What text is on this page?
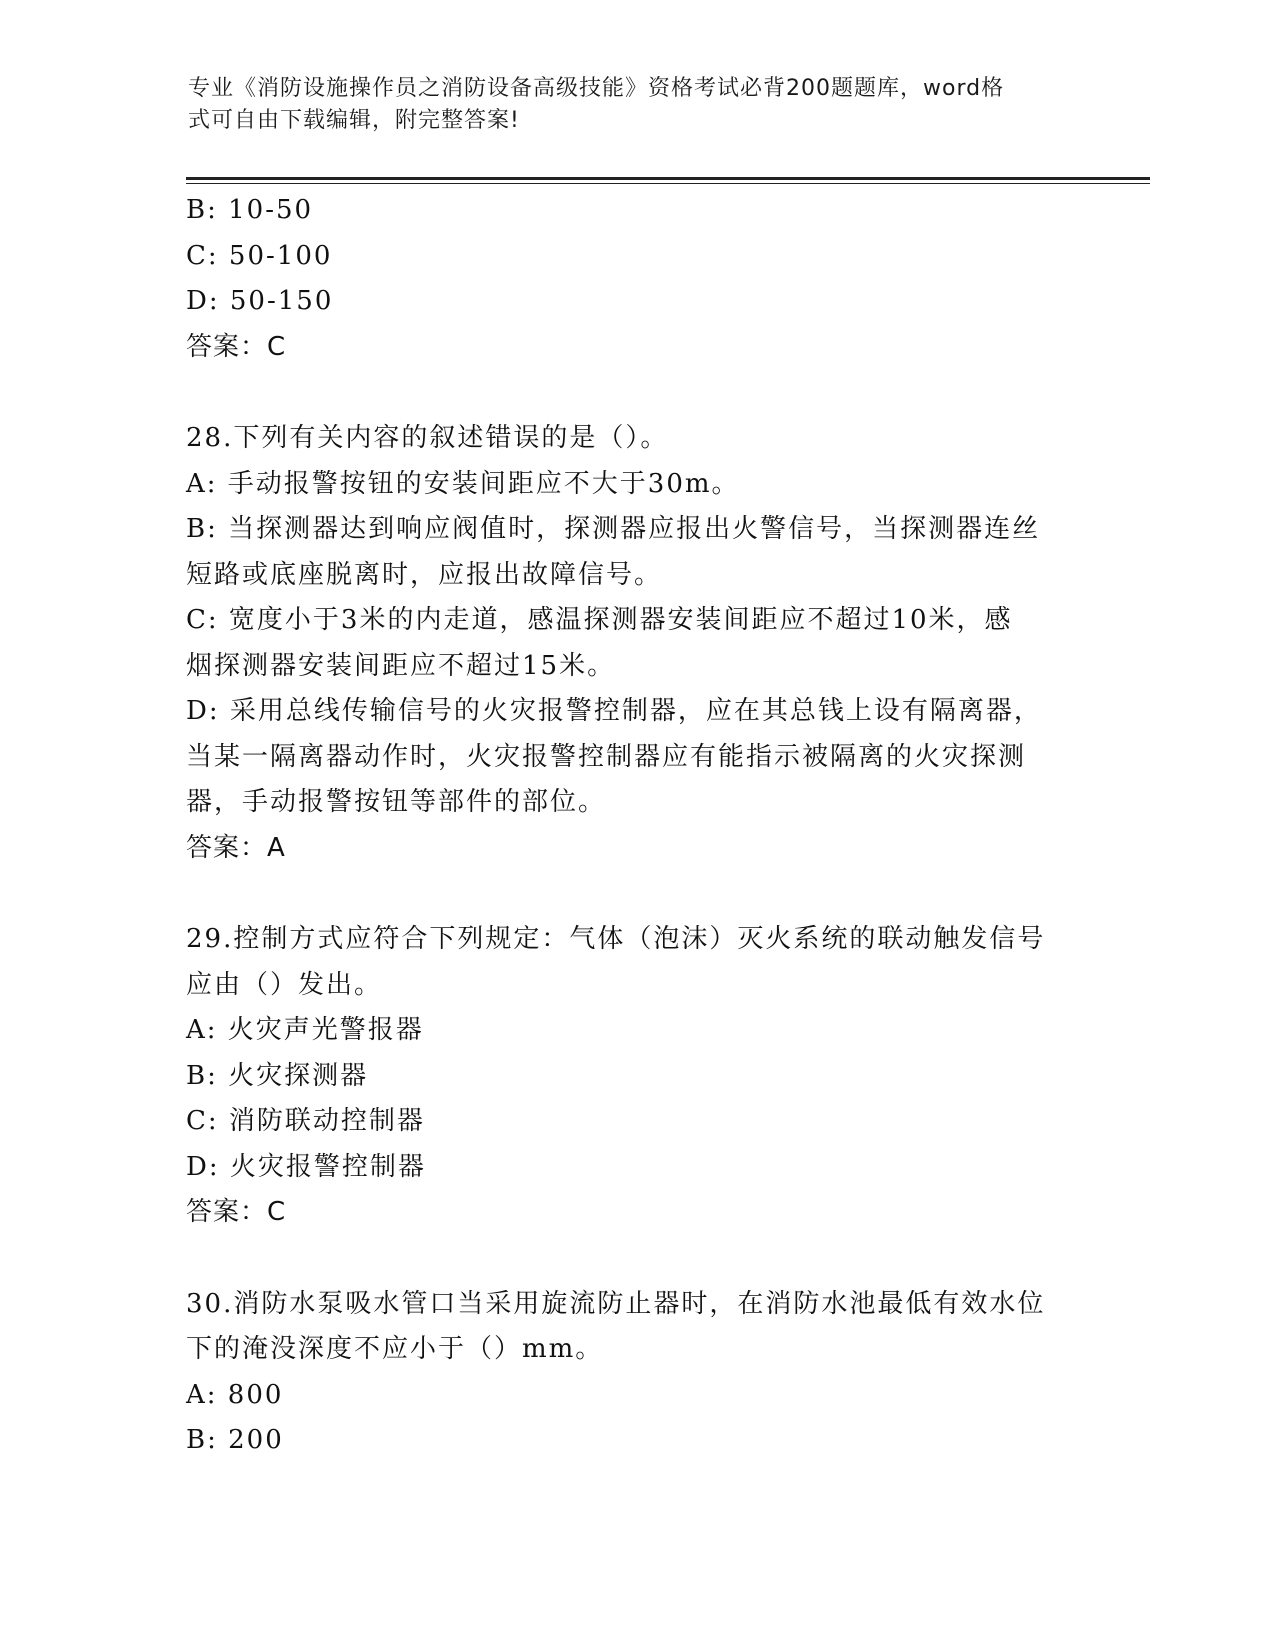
专业《消防设施操作员之消防设备高级技能》资格考试必背200题题库，word格
式可自由下载编辑，附完整答案!
B: 10-50
C: 50-100
D: 50-150
答案：C
28.下列有关内容的叙述错误的是（）。
A: 手动报警按钮的安装间距应不大于30m。
B: 当探测器达到响应阀值时，探测器应报出火警信号，当探测器连丝
短路或底座脱离时，应报出故障信号。
C: 宽度小于3米的内走道，感温探测器安装间距应不超过10米，感
烟探测器安装间距应不超过15米。
D: 采用总线传输信号的火灾报警控制器，应在其总钱上设有隔离器，
当某一隔离器动作时，火灾报警控制器应有能指示被隔离的火灾探测
器，手动报警按钮等部件的部位。
答案：A
29.控制方式应符合下列规定：气体（泡沫）灭火系统的联动触发信号
应由（）发出。
A: 火灾声光警报器
B: 火灾探测器
C: 消防联动控制器
D: 火灾报警控制器
答案：C
30.消防水泵吸水管口当采用旋流防止器时，在消防水池最低有效水位
下的淹没深度不应小于（）mm。
A: 800
B: 200
